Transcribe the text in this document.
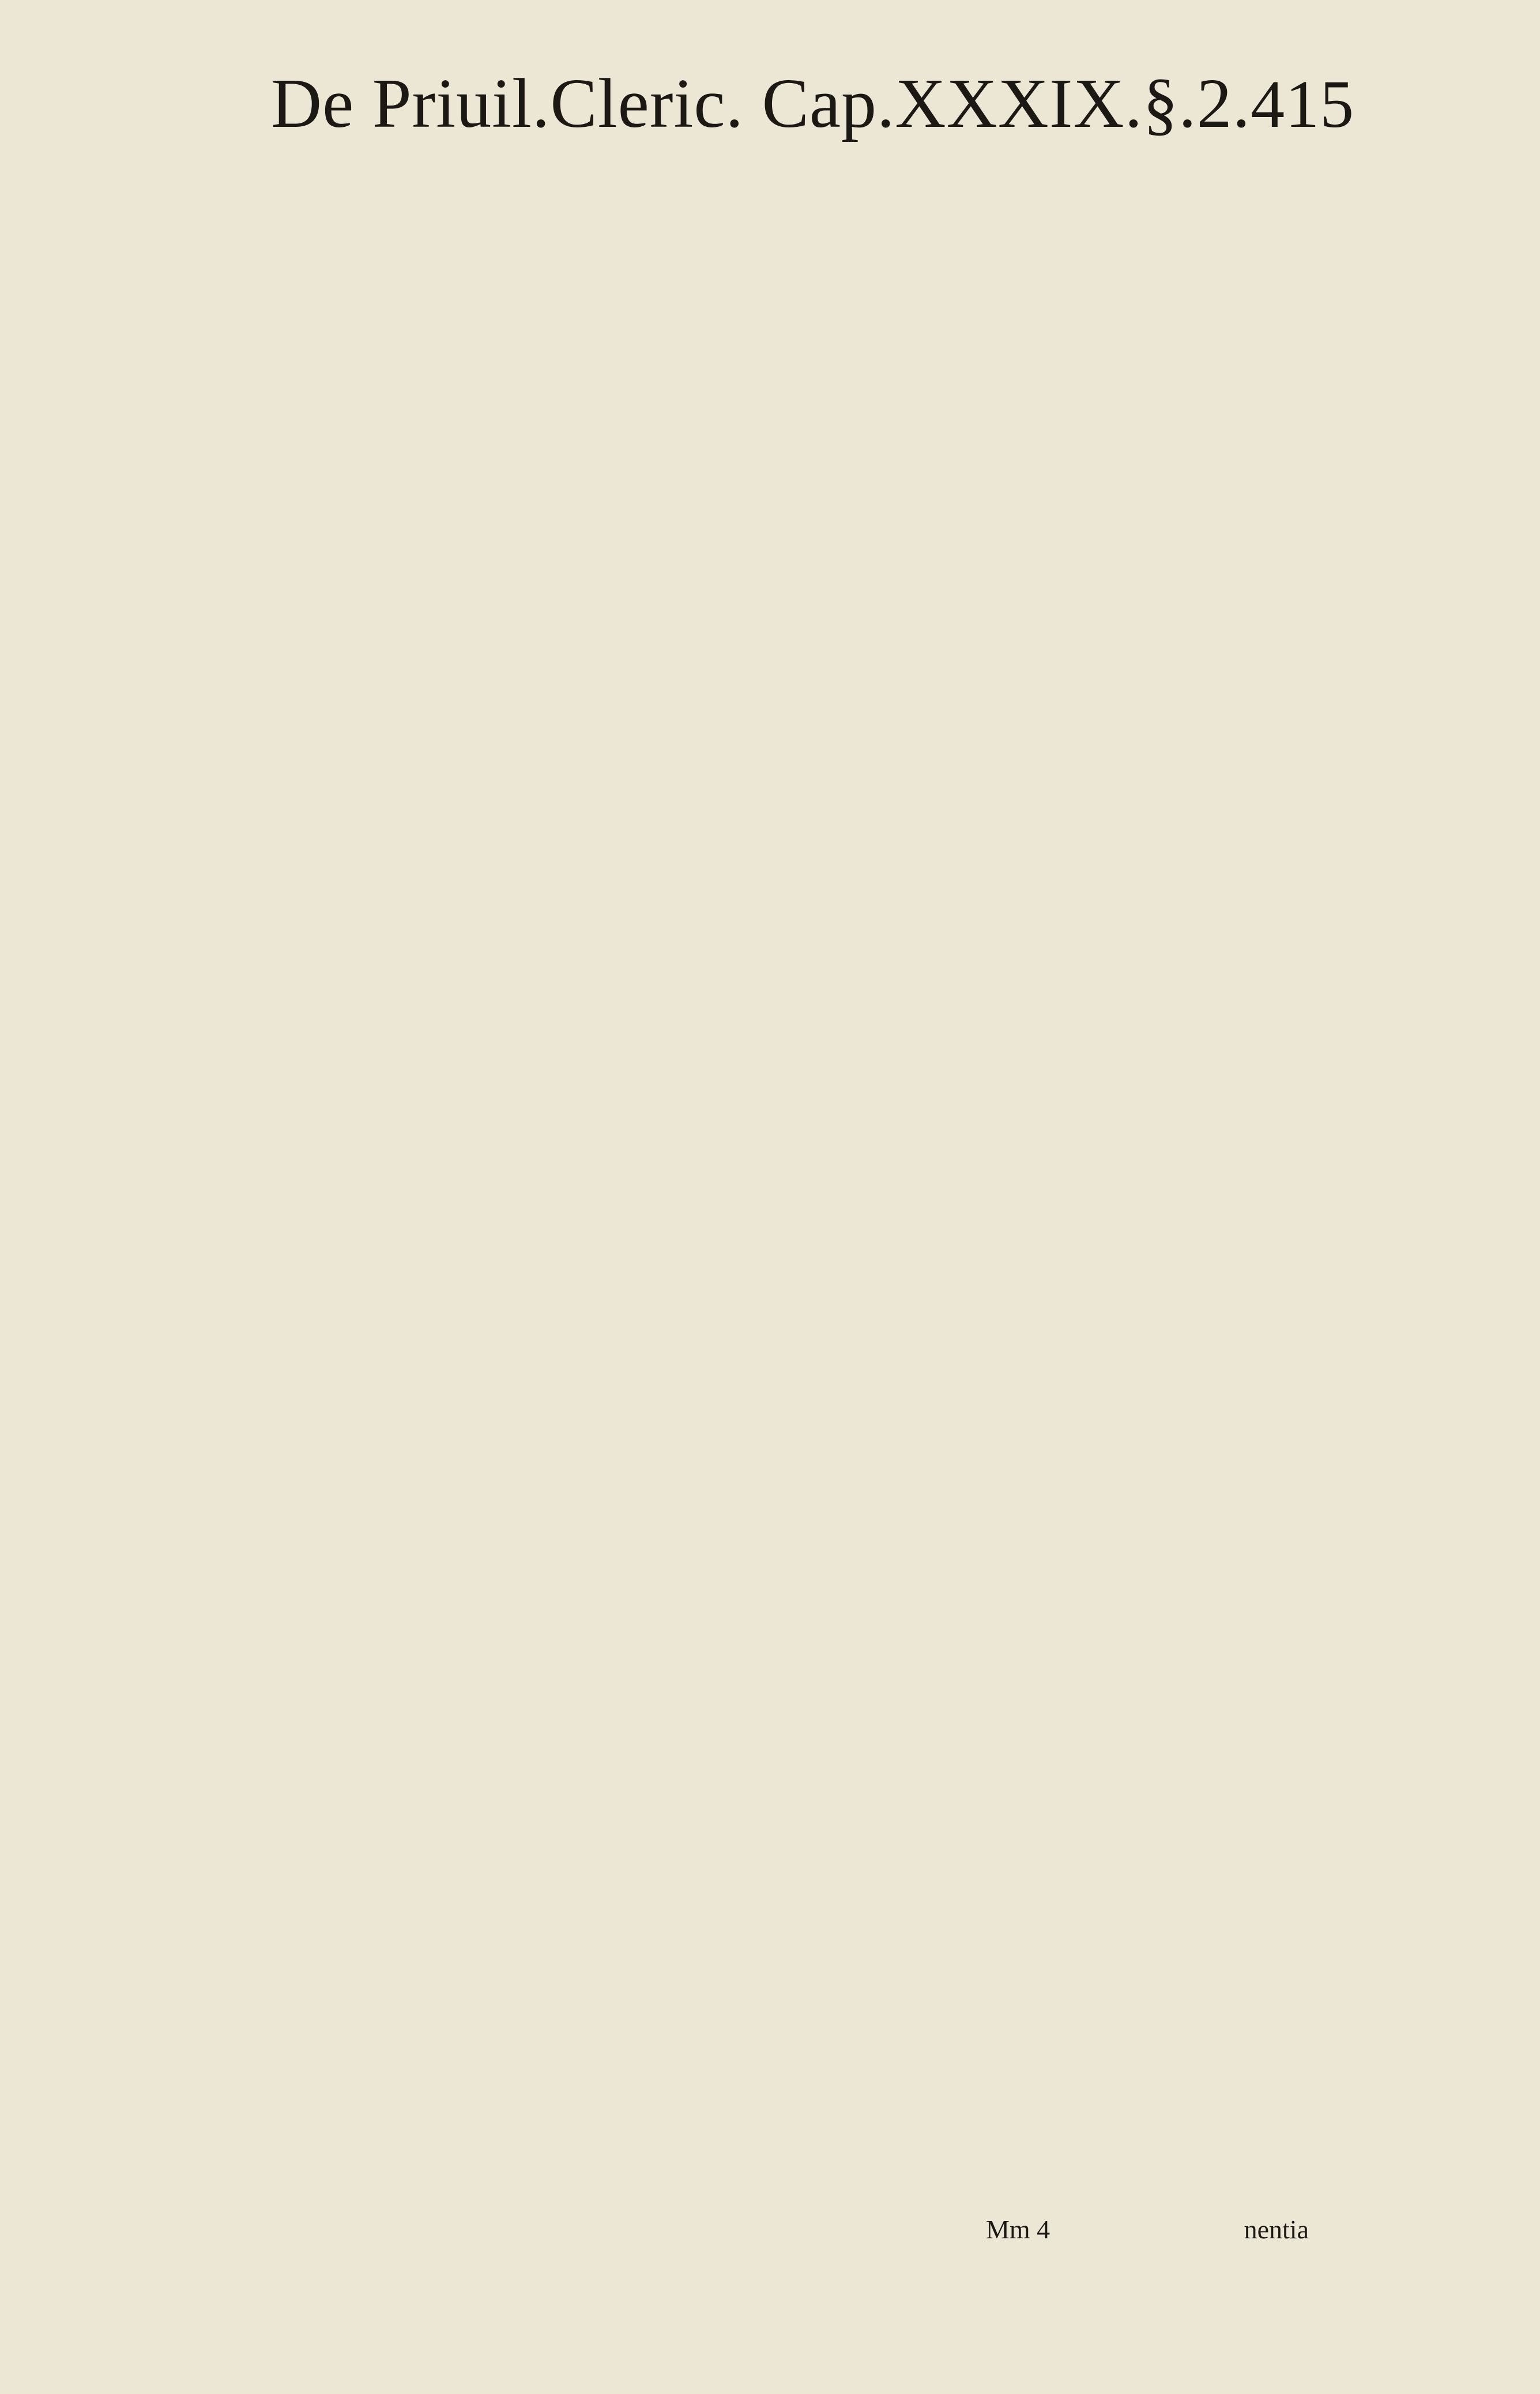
De Priuil.Cleric. Cap.XXXIX.§.2. 415
Mm 4	nentia
